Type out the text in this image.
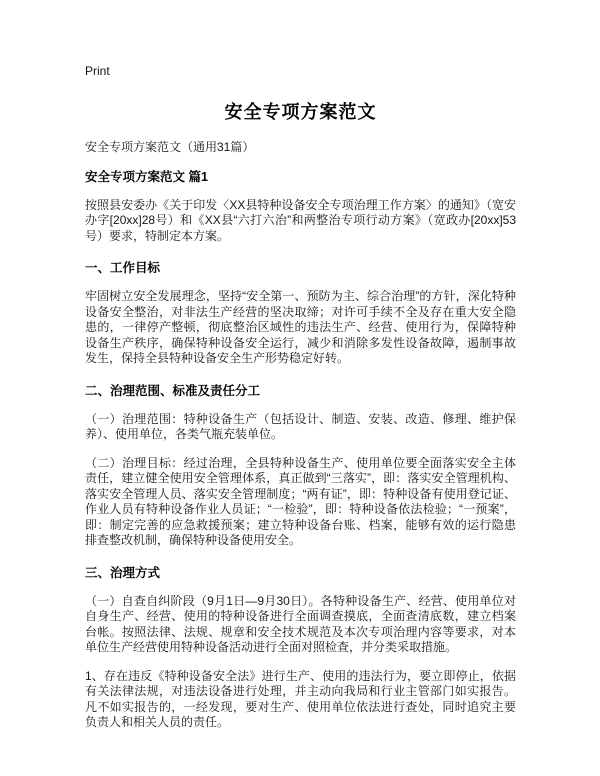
Print
安全专项方案范文

安全专项方案范文（通用31篇）

安全专项方案范文 篇1

按照县安委办《关于印发〈XX县特种设备安全专项治理工作方案〉的通知》（宽安办字[20xx]28号）和《XX县“六打六治”和两整治专项行动方案》（宽政办[20xx]53号）要求，特制定本方案。

一、工作目标

牢固树立安全发展理念，坚持“安全第一、预防为主、综合治理”的方针，深化特种设备安全整治，对非法生产经营的坚决取缔；对许可手续不全及存在重大安全隐患的，一律停产整顿，彻底整治区域性的违法生产、经营、使用行为，保障特种设备生产秩序，确保特种设备安全运行，减少和消除多发性设备故障，遏制事故发生，保持全县特种设备安全生产形势稳定好转。

二、治理范围、标准及责任分工

（一）治理范围：特种设备生产（包括设计、制造、安装、改造、修理、维护保养）、使用单位，各类气瓶充装单位。

（二）治理目标：经过治理，全县特种设备生产、使用单位要全面落实安全主体责任，建立健全使用安全管理体系，真正做到“三落实”，即：落实安全管理机构、落实安全管理人员、落实安全管理制度；“两有证”，即：特种设备有使用登记证、作业人员有特种设备作业人员证；“一检验”，即：特种设备依法检验；“一预案”，即：制定完善的应急救援预案；建立特种设备台账、档案，能够有效的运行隐患排查整改机制，确保特种设备使用安全。

三、治理方式

（一）自查自纠阶段（9月1日—9月30日）。各特种设备生产、经营、使用单位对自身生产、经营、使用的特种设备进行全面调查摸底，全面查清底数，建立档案台帐。按照法律、法规、规章和安全技术规范及本次专项治理内容等要求，对本单位生产经营使用特种设备活动进行全面对照检查，并分类采取措施。

1、存在违反《特种设备安全法》进行生产、使用的违法行为，要立即停止，依据有关法律法规，对违法设备进行处理，并主动向我局和行业主管部门如实报告。凡不如实报告的，一经发现，要对生产、使用单位依法进行查处，同时追究主要负责人和相关人员的责任。
